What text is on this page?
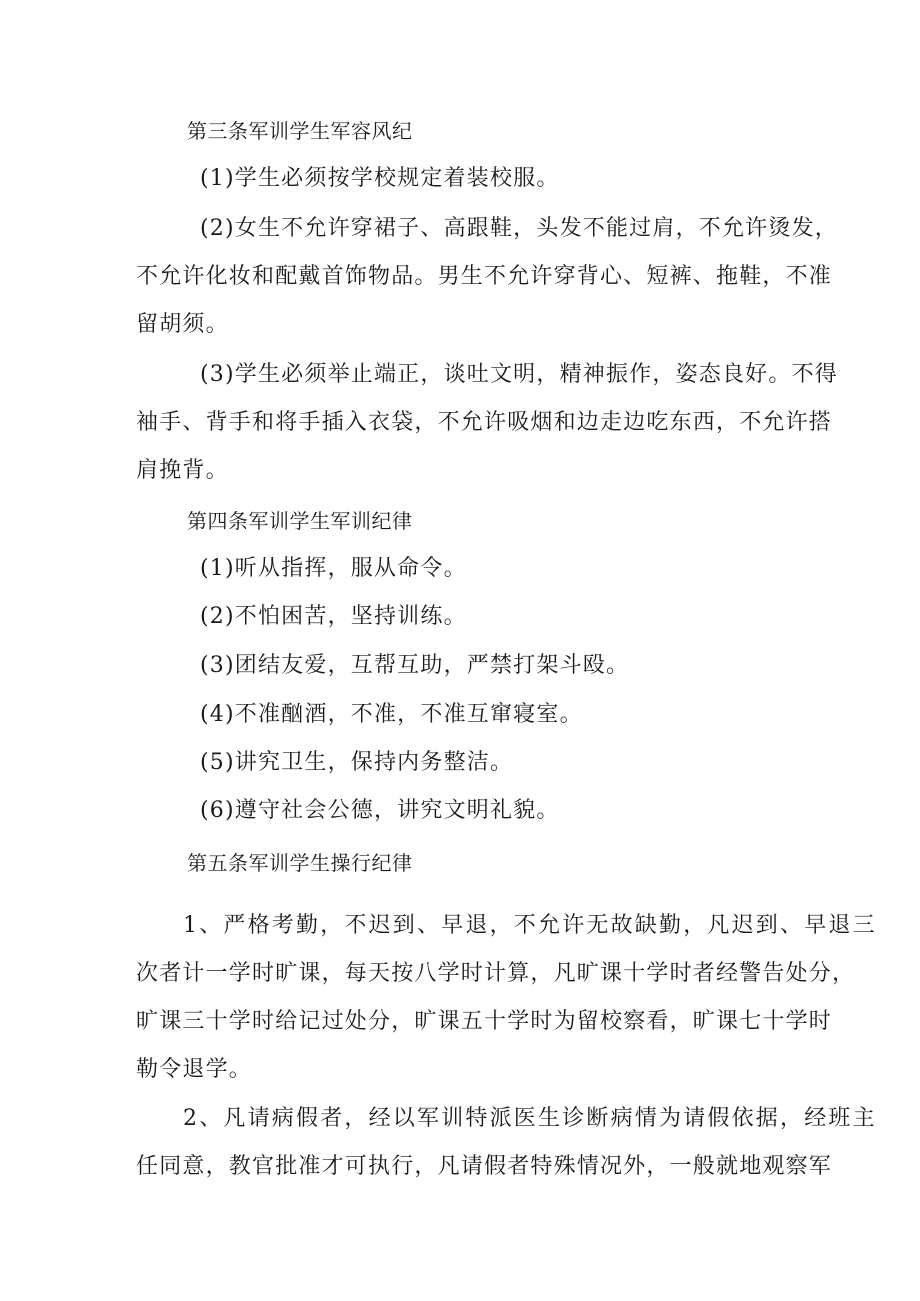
第三条军训学生军容风纪

(1)学生必须按学校规定着装校服。

(2)女生不允许穿裙子、高跟鞋，头发不能过肩，不允许烫发，

不允许化妆和配戴首饰物品。男生不允许穿背心、短裤、拖鞋，不准

留胡须。

(3)学生必须举止端正，谈吐文明，精神振作，姿态良好。不得

袖手、背手和将手插入衣袋，不允许吸烟和边走边吃东西，不允许搭

肩挽背。

第四条军训学生军训纪律

(1)听从指挥，服从命令。

(2)不怕困苦，坚持训练。

(3)团结友爱，互帮互助，严禁打架斗殴。

(4)不准酗酒，不准，不准互窜寝室。

(5)讲究卫生，保持内务整洁。

(6)遵守社会公德，讲究文明礼貌。

第五条军训学生操行纪律

1、严格考勤，不迟到、早退，不允许无故缺勤，凡迟到、早退三

次者计一学时旷课，每天按八学时计算，凡旷课十学时者经警告处分，

旷课三十学时给记过处分，旷课五十学时为留校察看，旷课七十学时

勒令退学。

2、凡请病假者，经以军训特派医生诊断病情为请假依据，经班主

任同意，教官批准才可执行，凡请假者特殊情况外，一般就地观察军
